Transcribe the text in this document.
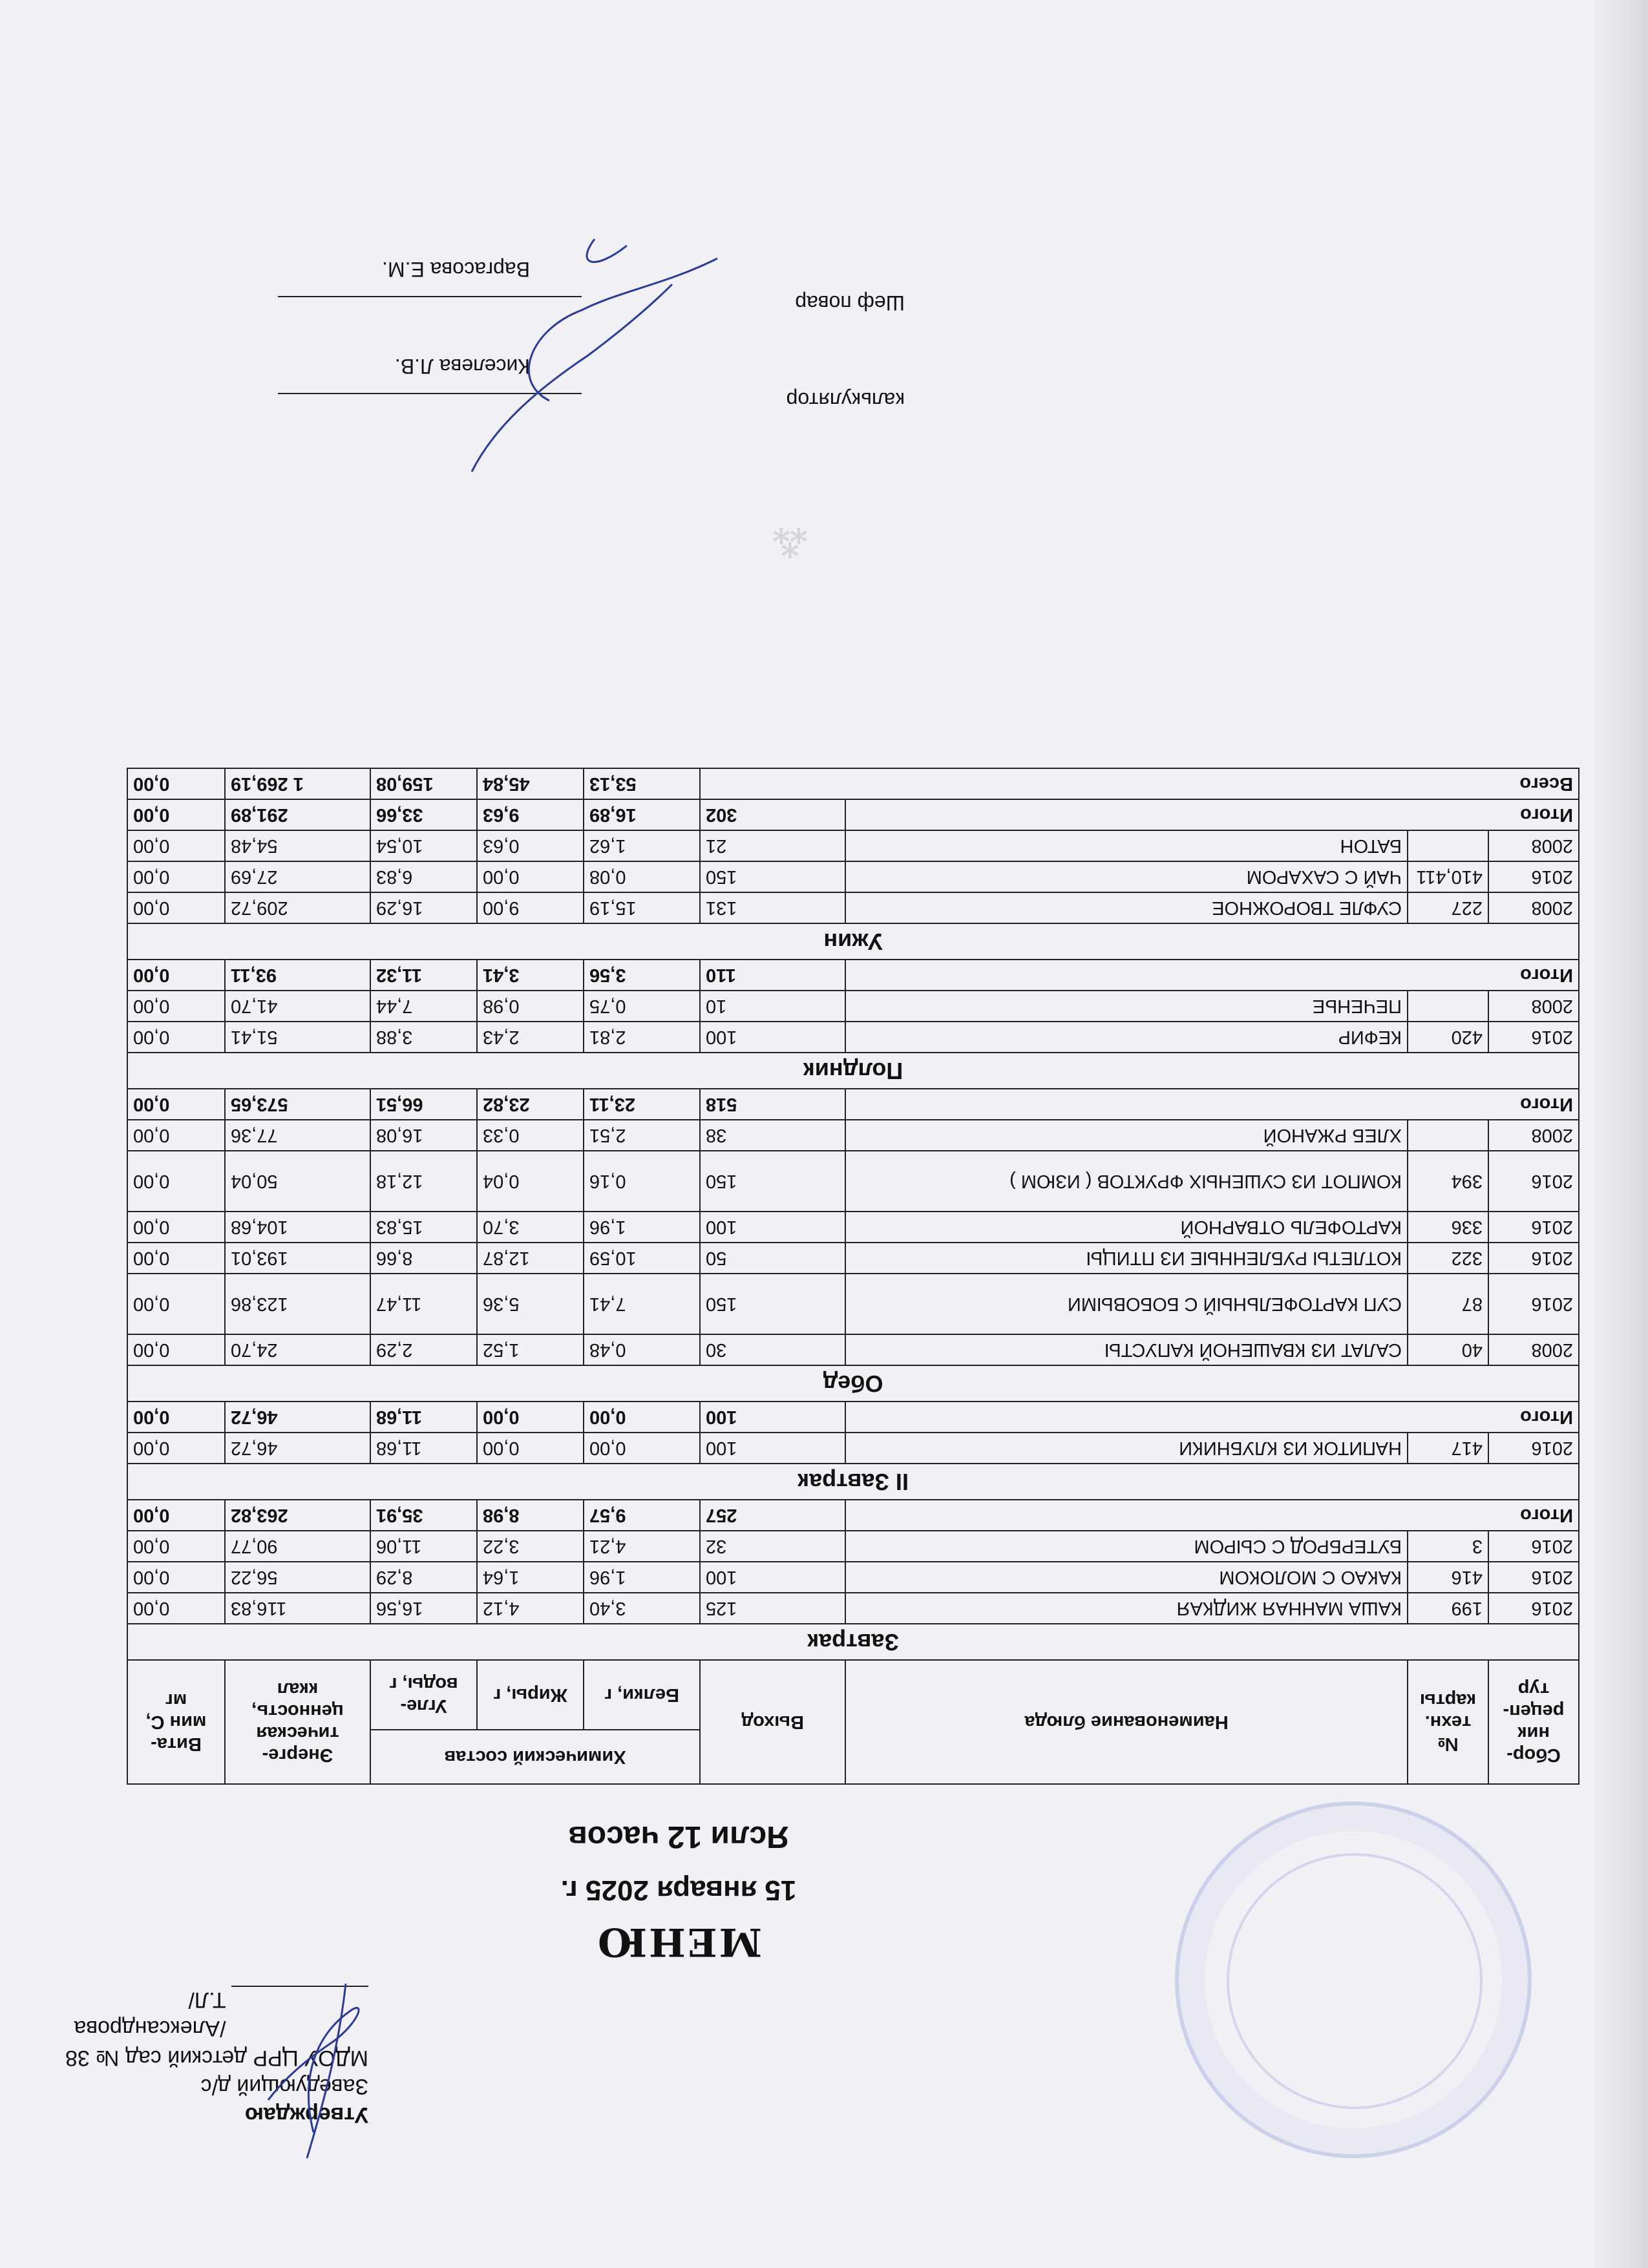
⁂
Утверждаю
Заведующий д/с
МДОУ ЦРР детский сад № 38
/Александрова Т.Л/
МЕНЮ
15 января 2025 г.
Ясли 12 часов
Сбор-ник рецеп-тур	№ техн. карты	Наименование блюда	Выход	Химический состав			Энерге-тическая ценность, ккал	Вита-мин С, мг
				Белки, г	Жиры, г	Угле-воды, г		
Завтрак								
2016	199	КАША МАННАЯ ЖИДКАЯ	125	3,40	4,12	16,56	116,83	0,00
2016	416	КАКАО С МОЛОКОМ	100	1,96	1,64	8,29	56,22	0,00
2016	3	БУТЕРБРОД С СЫРОМ	32	4,21	3,22	11,06	90,77	0,00
Итого			257	9,57	8,98	35,91	263,82	0,00
II Завтрак								
2016	417	НАПИТОК ИЗ КЛУБНИКИ	100	0,00	0,00	11,68	46,72	0,00
Итого			100	0,00	0,00	11,68	46,72	0,00
Обед								
2008	40	САЛАТ ИЗ КВАШЕНОЙ КАПУСТЫ	30	0,48	1,52	2,29	24,70	0,00
2016	87	СУП КАРТОФЕЛЬНЫЙ С БОБОВЫМИ	150	7,41	5,36	11,47	123,86	0,00
2016	322	КОТЛЕТЫ РУБЛЕННЫЕ ИЗ ПТИЦЫ	50	10,59	12,87	8,66	193,01	0,00
2016	336	КАРТОФЕЛЬ ОТВАРНОЙ	100	1,96	3,70	15,83	104,68	0,00
2016	394	КОМПОТ ИЗ СУШЕНЫХ ФРУКТОВ ( ИЗЮМ )	150	0,16	0,04	12,18	50,04	0,00
2008		ХЛЕБ РЖАНОЙ	38	2,51	0,33	16,08	77,36	0,00
Итого			518	23,11	23,82	66,51	573,65	0,00
Полдник								
2016	420	КЕФИР	100	2,81	2,43	3,88	51,41	0,00
2008		ПЕЧЕНЬЕ	10	0,75	0,98	7,44	41,70	0,00
Итого			110	3,56	3,41	11,32	93,11	0,00
Ужин								
2008	227	СУФЛЕ ТВОРОЖНОЕ	131	15,19	9,00	16,29	209,72	0,00
2016	410,411	ЧАЙ С САХАРОМ	150	0,08	0,00	6,83	27,69	0,00
2008		БАТОН	21	1,62	0,63	10,54	54,48	0,00
Итого			302	16,89	9,63	33,66	291,89	0,00
Всего				53,13	45,84	159,08	1 269,19	0,00
калькулятор
Киселева Л.В.
Шеф повар
Варгасова Е.М.
